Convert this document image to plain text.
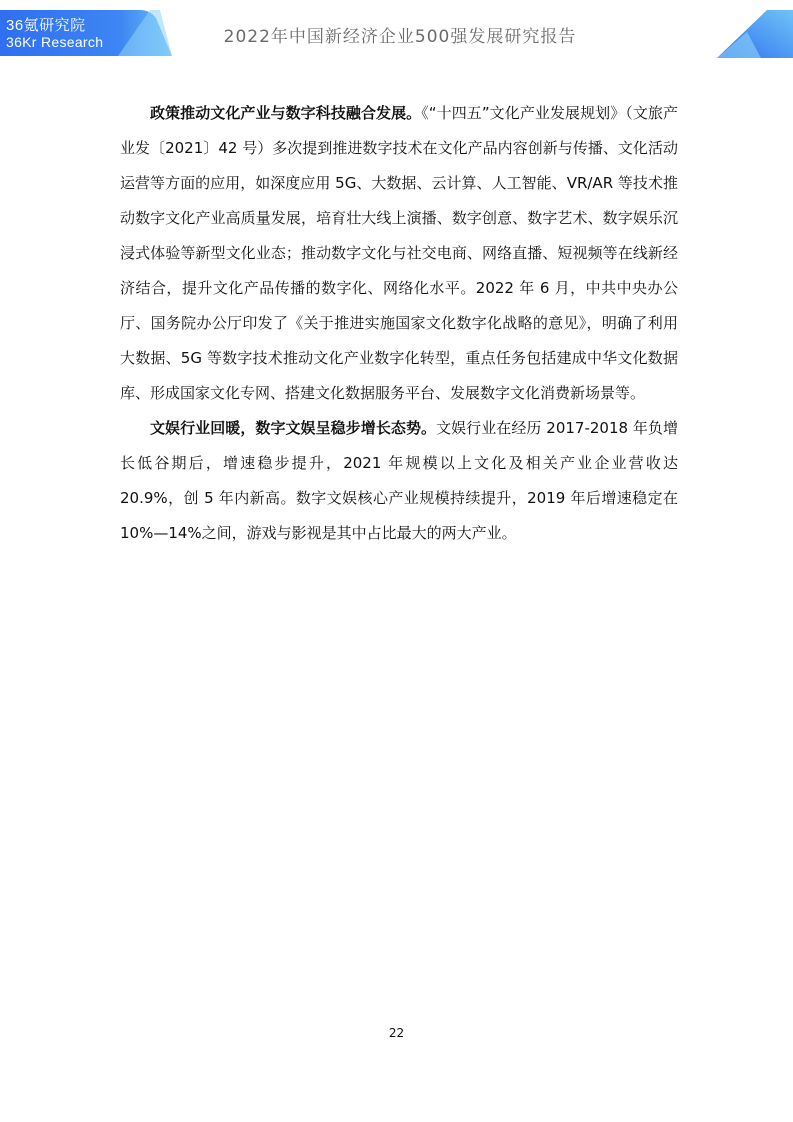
36氪研究院
36Kr Research	2022年中国新经济企业500强发展研究报告

政策推动文化产业与数字科技融合发展。《“十四五”文化产业发展规划》（文旅产业发〔2021〕42 号）多次提到推进数字技术在文化产品内容创新与传播、文化活动运营等方面的应用，如深度应用 5G、大数据、云计算、人工智能、VR/AR 等技术推动数字文化产业高质量发展，培育壮大线上演播、数字创意、数字艺术、数字娱乐沉浸式体验等新型文化业态；推动数字文化与社交电商、网络直播、短视频等在线新经济结合，提升文化产品传播的数字化、网络化水平。2022 年 6 月，中共中央办公厅、国务院办公厅印发了《关于推进实施国家文化数字化战略的意见》，明确了利用大数据、5G 等数字技术推动文化产业数字化转型，重点任务包括建成中华文化数据库、形成国家文化专网、搭建文化数据服务平台、发展数字文化消费新场景等。

文娱行业回暖，数字文娱呈稳步增长态势。文娱行业在经历 2017-2018 年负增长低谷期后，增速稳步提升，2021 年规模以上文化及相关产业企业营收达 20.9%，创 5 年内新高。数字文娱核心产业规模持续提升，2019 年后增速稳定在 10%—14%之间，游戏与影视是其中占比最大的两大产业。

22
